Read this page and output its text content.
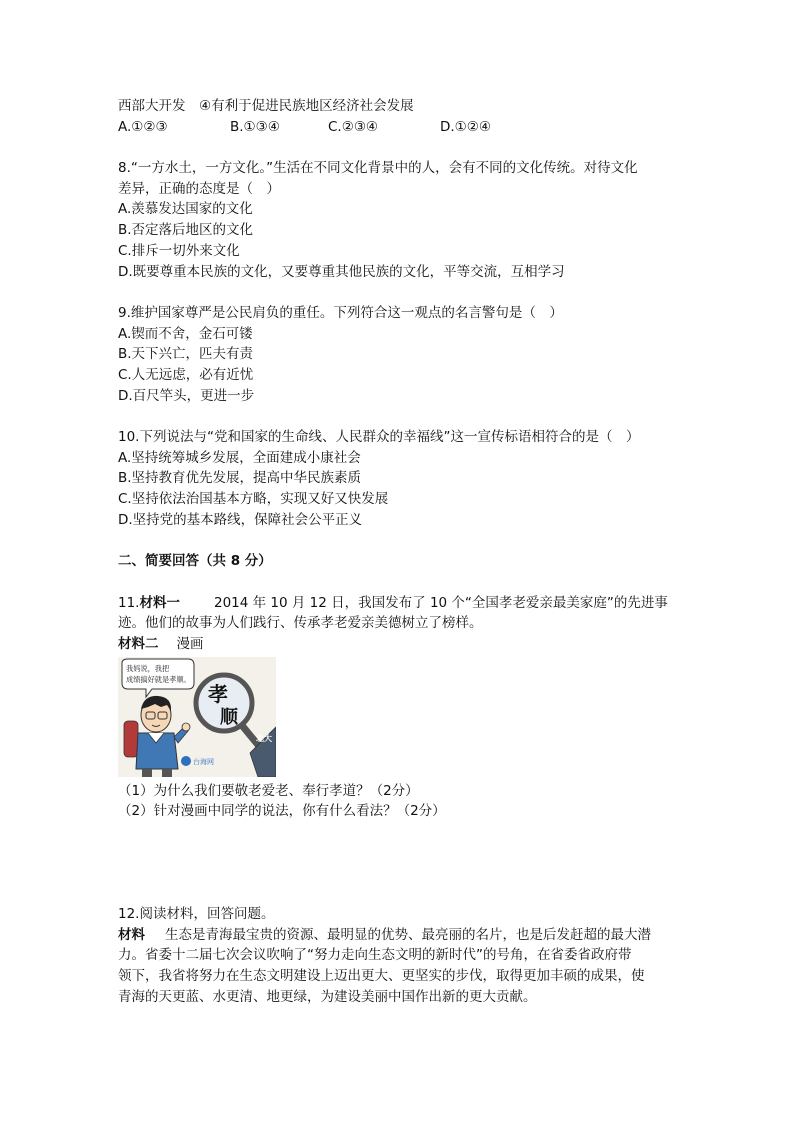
西部大开发　④有利于促进民族地区经济社会发展
A.①②③	B.①③④	C.②③④	D.①②④
8.“一方水土，一方文化。”生活在不同文化背景中的人，会有不同的文化传统。对待文化
差异，正确的态度是（　）
A.羡慕发达国家的文化
B.否定落后地区的文化
C.排斥一切外来文化
D.既要尊重本民族的文化，又要尊重其他民族的文化，平等交流，互相学习
9.维护国家尊严是公民肩负的重任。下列符合这一观点的名言警句是（　）
A.锲而不舍，金石可镂
B.天下兴亡，匹夫有责
C.人无远虑，必有近忧
D.百尺竿头，更进一步
10.下列说法与“党和国家的生命线、人民群众的幸福线”这一宣传标语相符合的是（　）
A.坚持统筹城乡发展，全面建成小康社会
B.坚持教育优先发展，提高中华民族素质
C.坚持依法治国基本方略，实现又好又快发展
D.坚持党的基本路线，保障社会公平正义
二、简要回答（共 8 分）
11.材料一	2014 年 10 月 12 日，我国发布了 10 个“全国孝老爱亲最美家庭”的先进事
迹。他们的故事为人们践行、传承孝老爱亲美德树立了榜样。
材料二 漫画
我妈说，我把
成绩搞好就是孝顺。
台海网
孝
顺
北大
（1）为什么我们要敬老爱老、奉行孝道？（2分）
（2）针对漫画中同学的说法，你有什么看法？（2分）
12.阅读材料，回答问题。
材料 生态是青海最宝贵的资源、最明显的优势、最亮丽的名片，也是后发赶超的最大潜
力。省委十二届七次会议吹响了“努力走向生态文明的新时代”的号角，在省委省政府带
领下，我省将努力在生态文明建设上迈出更大、更坚实的步伐，取得更加丰硕的成果，使
青海的天更蓝、水更清、地更绿，为建设美丽中国作出新的更大贡献。
